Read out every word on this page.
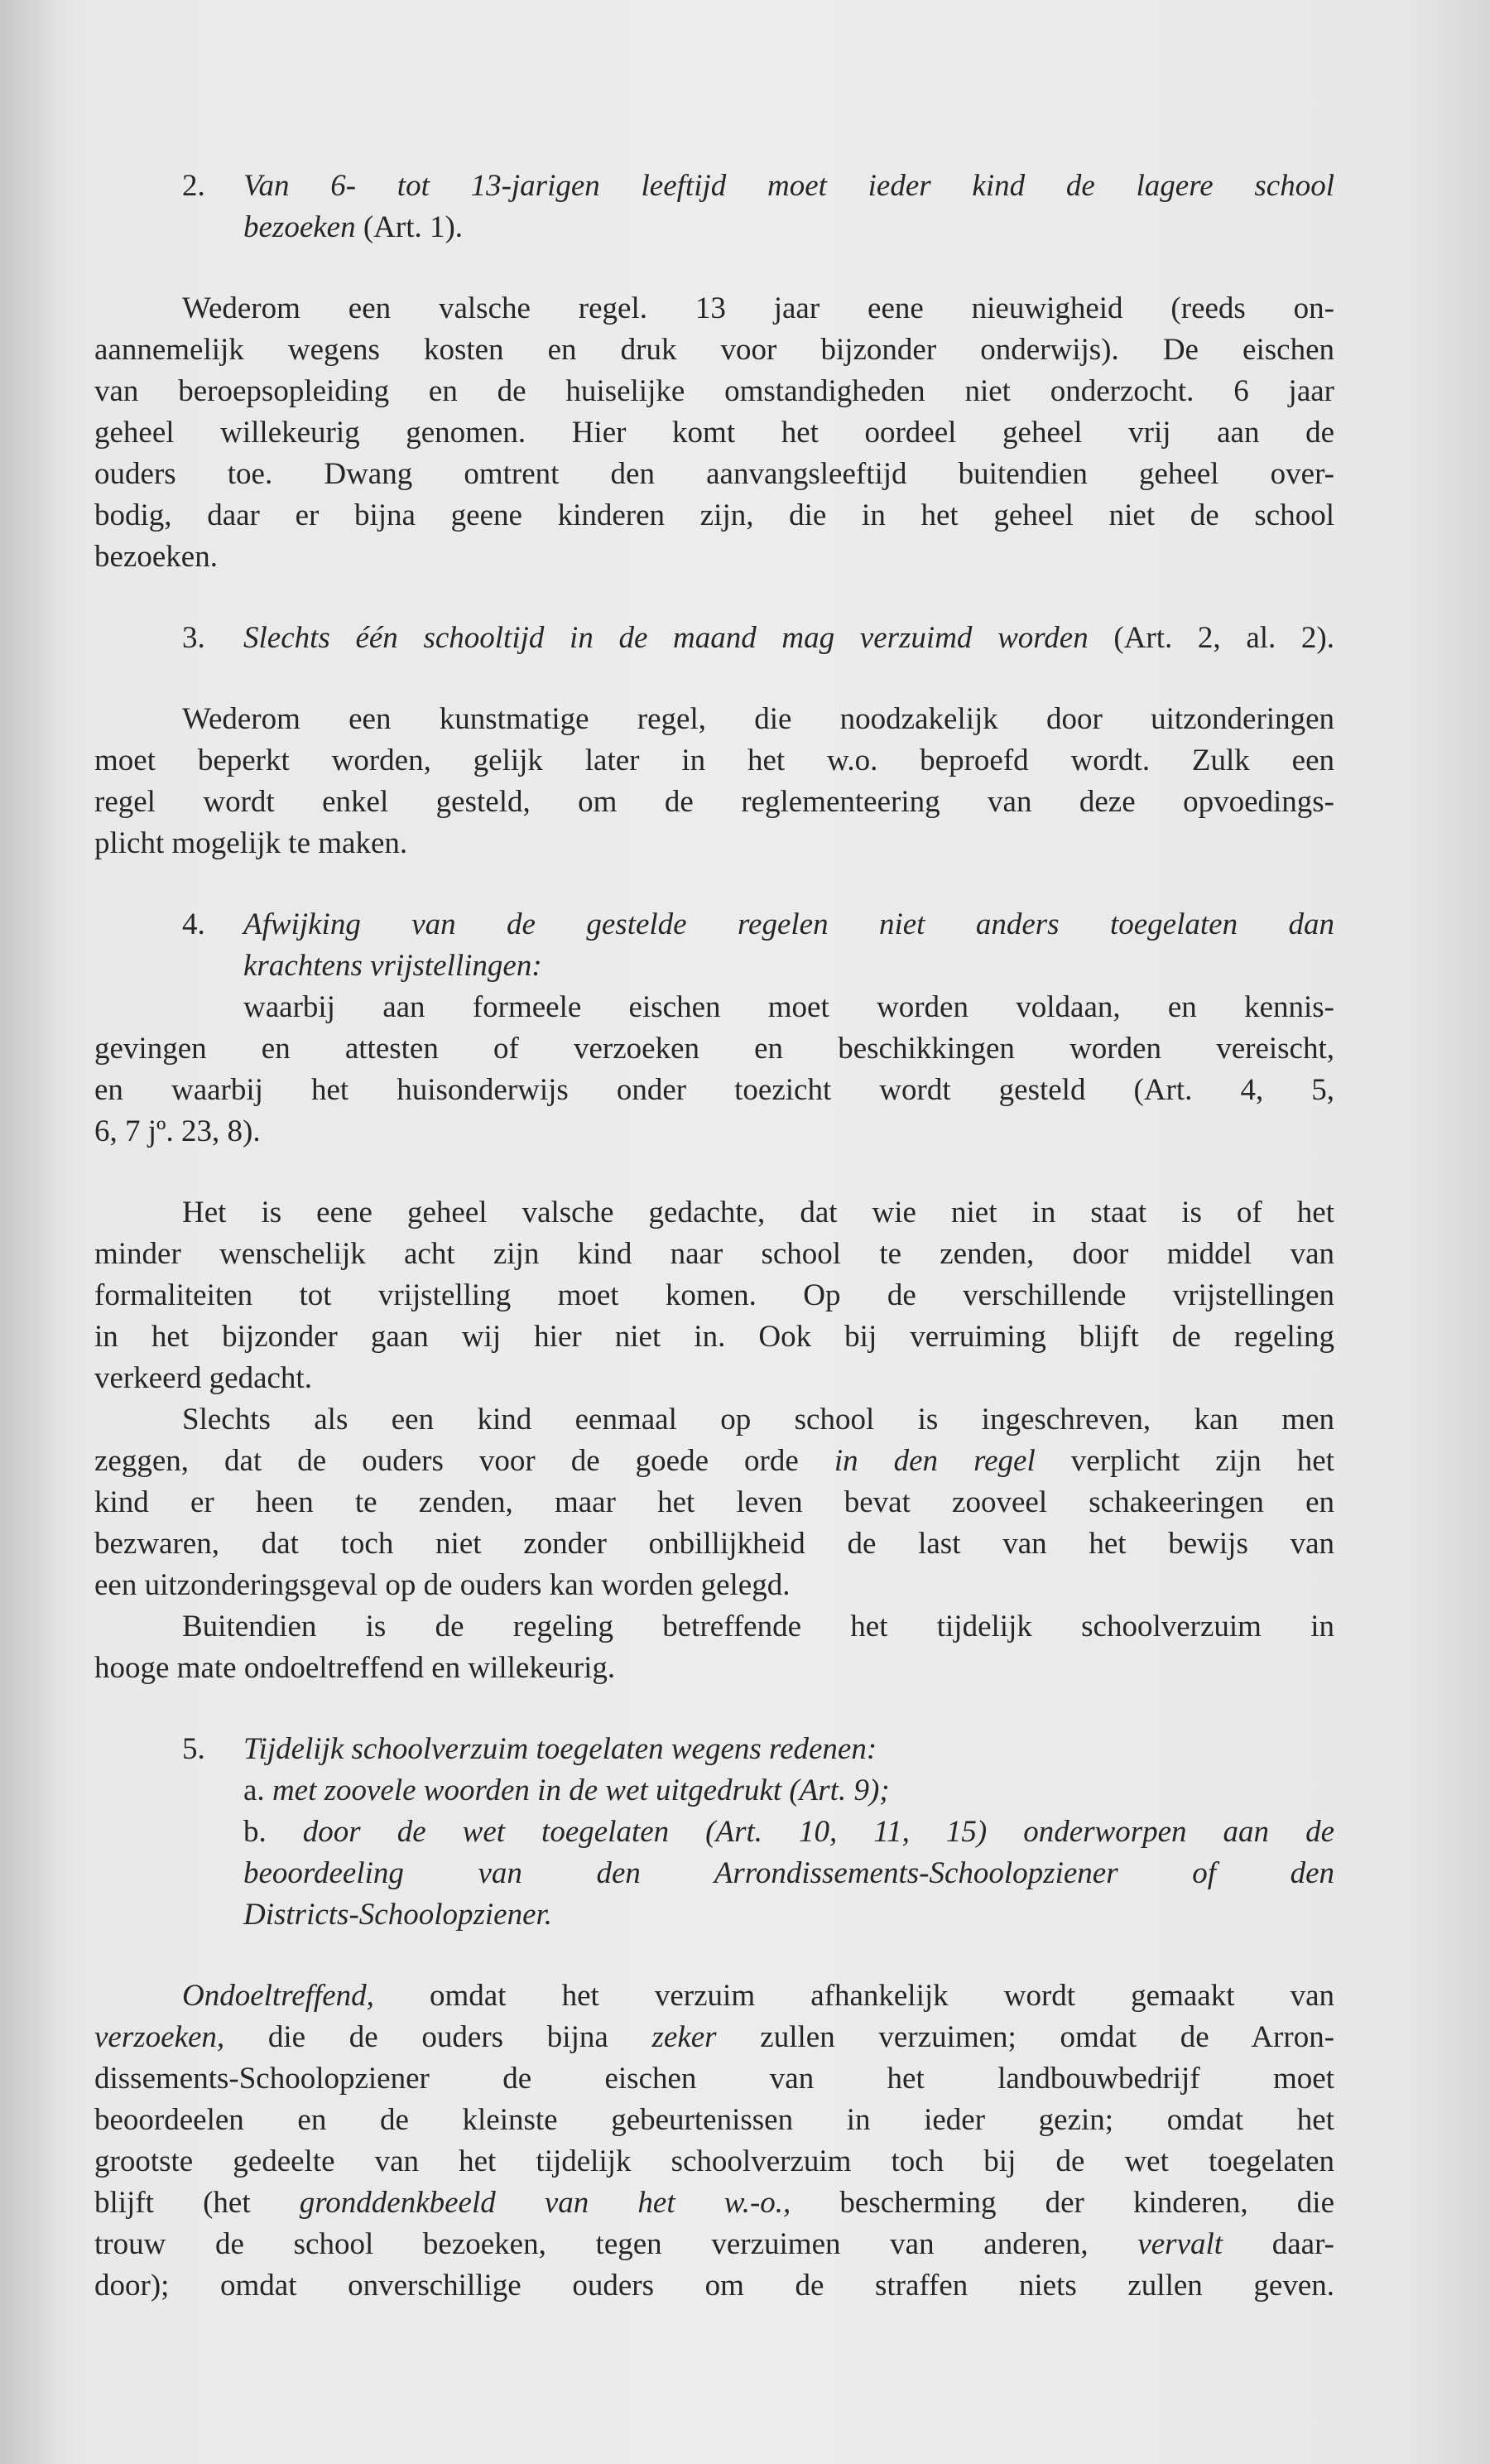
2. Van 6- tot 13-jarigen leeftijd moet ieder kind de lagere school

bezoeken (Art. 1).

Wederom een valsche regel. 13 jaar eene nieuwigheid (reeds on-

aannemelijk wegens kosten en druk voor bijzonder onderwijs). De eischen

van beroepsopleiding en de huiselijke omstandigheden niet onderzocht. 6 jaar

geheel willekeurig genomen. Hier komt het oordeel geheel vrij aan de

ouders toe. Dwang omtrent den aanvangsleeftijd buitendien geheel over-

bodig, daar er bijna geene kinderen zijn, die in het geheel niet de school

bezoeken.

3. Slechts één schooltijd in de maand mag verzuimd worden (Art. 2, al. 2).

Wederom een kunstmatige regel, die noodzakelijk door uitzonderingen

moet beperkt worden, gelijk later in het w.o. beproefd wordt. Zulk een

regel wordt enkel gesteld, om de reglementeering van deze opvoedings-

plicht mogelijk te maken.

4. Afwijking van de gestelde regelen niet anders toegelaten dan

krachtens vrijstellingen:

waarbij aan formeele eischen moet worden voldaan, en kennis-

gevingen en attesten of verzoeken en beschikkingen worden vereischt,

en waarbij het huisonderwijs onder toezicht wordt gesteld (Art. 4, 5,

6, 7 jº. 23, 8).

Het is eene geheel valsche gedachte, dat wie niet in staat is of het

minder wenschelijk acht zijn kind naar school te zenden, door middel van

formaliteiten tot vrijstelling moet komen. Op de verschillende vrijstellingen

in het bijzonder gaan wij hier niet in. Ook bij verruiming blijft de regeling

verkeerd gedacht.

Slechts als een kind eenmaal op school is ingeschreven, kan men

zeggen, dat de ouders voor de goede orde in den regel verplicht zijn het

kind er heen te zenden, maar het leven bevat zooveel schakeeringen en

bezwaren, dat toch niet zonder onbillijkheid de last van het bewijs van

een uitzonderingsgeval op de ouders kan worden gelegd.

Buitendien is de regeling betreffende het tijdelijk schoolverzuim in

hooge mate ondoeltreffend en willekeurig.

5. Tijdelijk schoolverzuim toegelaten wegens redenen:

a. met zoovele woorden in de wet uitgedrukt (Art. 9);

b. door de wet toegelaten (Art. 10, 11, 15) onderworpen aan de

beoordeeling van den Arrondissements-Schoolopziener of den

Districts-Schoolopziener.

Ondoeltreffend, omdat het verzuim afhankelijk wordt gemaakt van

verzoeken, die de ouders bijna zeker zullen verzuimen; omdat de Arron-

dissements-Schoolopziener de eischen van het landbouwbedrijf moet

beoordeelen en de kleinste gebeurtenissen in ieder gezin; omdat het

grootste gedeelte van het tijdelijk schoolverzuim toch bij de wet toegelaten

blijft (het gronddenkbeeld van het w.-o., bescherming der kinderen, die

trouw de school bezoeken, tegen verzuimen van anderen, vervalt daar-

door); omdat onverschillige ouders om de straffen niets zullen geven.
